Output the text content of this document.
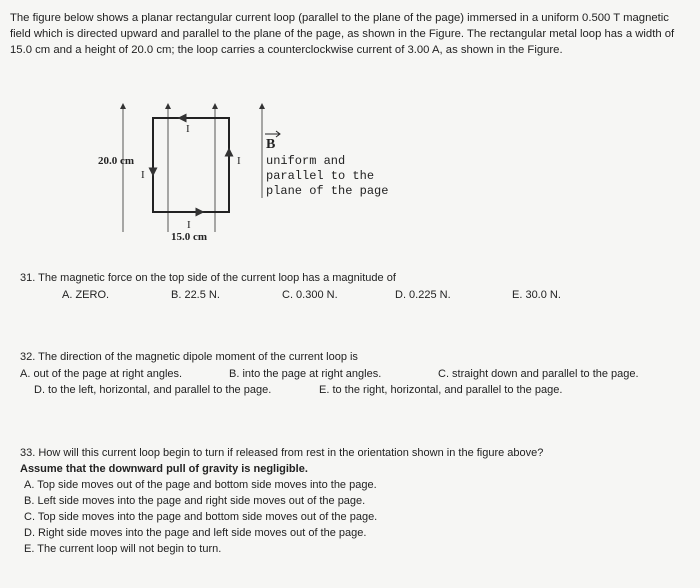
The figure below shows a planar rectangular current loop (parallel to the plane of the page) immersed in a uniform 0.500 T magnetic field which is directed upward and parallel to the plane of the page, as shown in the Figure. The rectangular metal loop has a width of 15.0 cm and a height of 20.0 cm; the loop carries a counterclockwise current of 3.00 A, as shown in the Figure.
I
I
I
I
20.0 cm
15.0 cm
B
uniform and
parallel to the
plane of the page
31. The magnetic force on the top side of the current loop has a magnitude of
A. ZERO.	B. 22.5 N.	C. 0.300 N.	D. 0.225 N.	E. 30.0 N.
32. The direction of the magnetic dipole moment of the current loop is
A. out of the page at right angles.	B. into the page at right angles.	C. straight down and parallel to the page.
D. to the left, horizontal, and parallel to the page.	E. to the right, horizontal, and parallel to the page.
33. How will this current loop begin to turn if released from rest in the orientation shown in the figure above?
Assume that the downward pull of gravity is negligible.
A. Top side moves out of the page and bottom side moves into the page.
B. Left side moves into the page and right side moves out of the page.
C. Top side moves into the page and bottom side moves out of the page.
D. Right side moves into the page and left side moves out of the page.
E. The current loop will not begin to turn.
